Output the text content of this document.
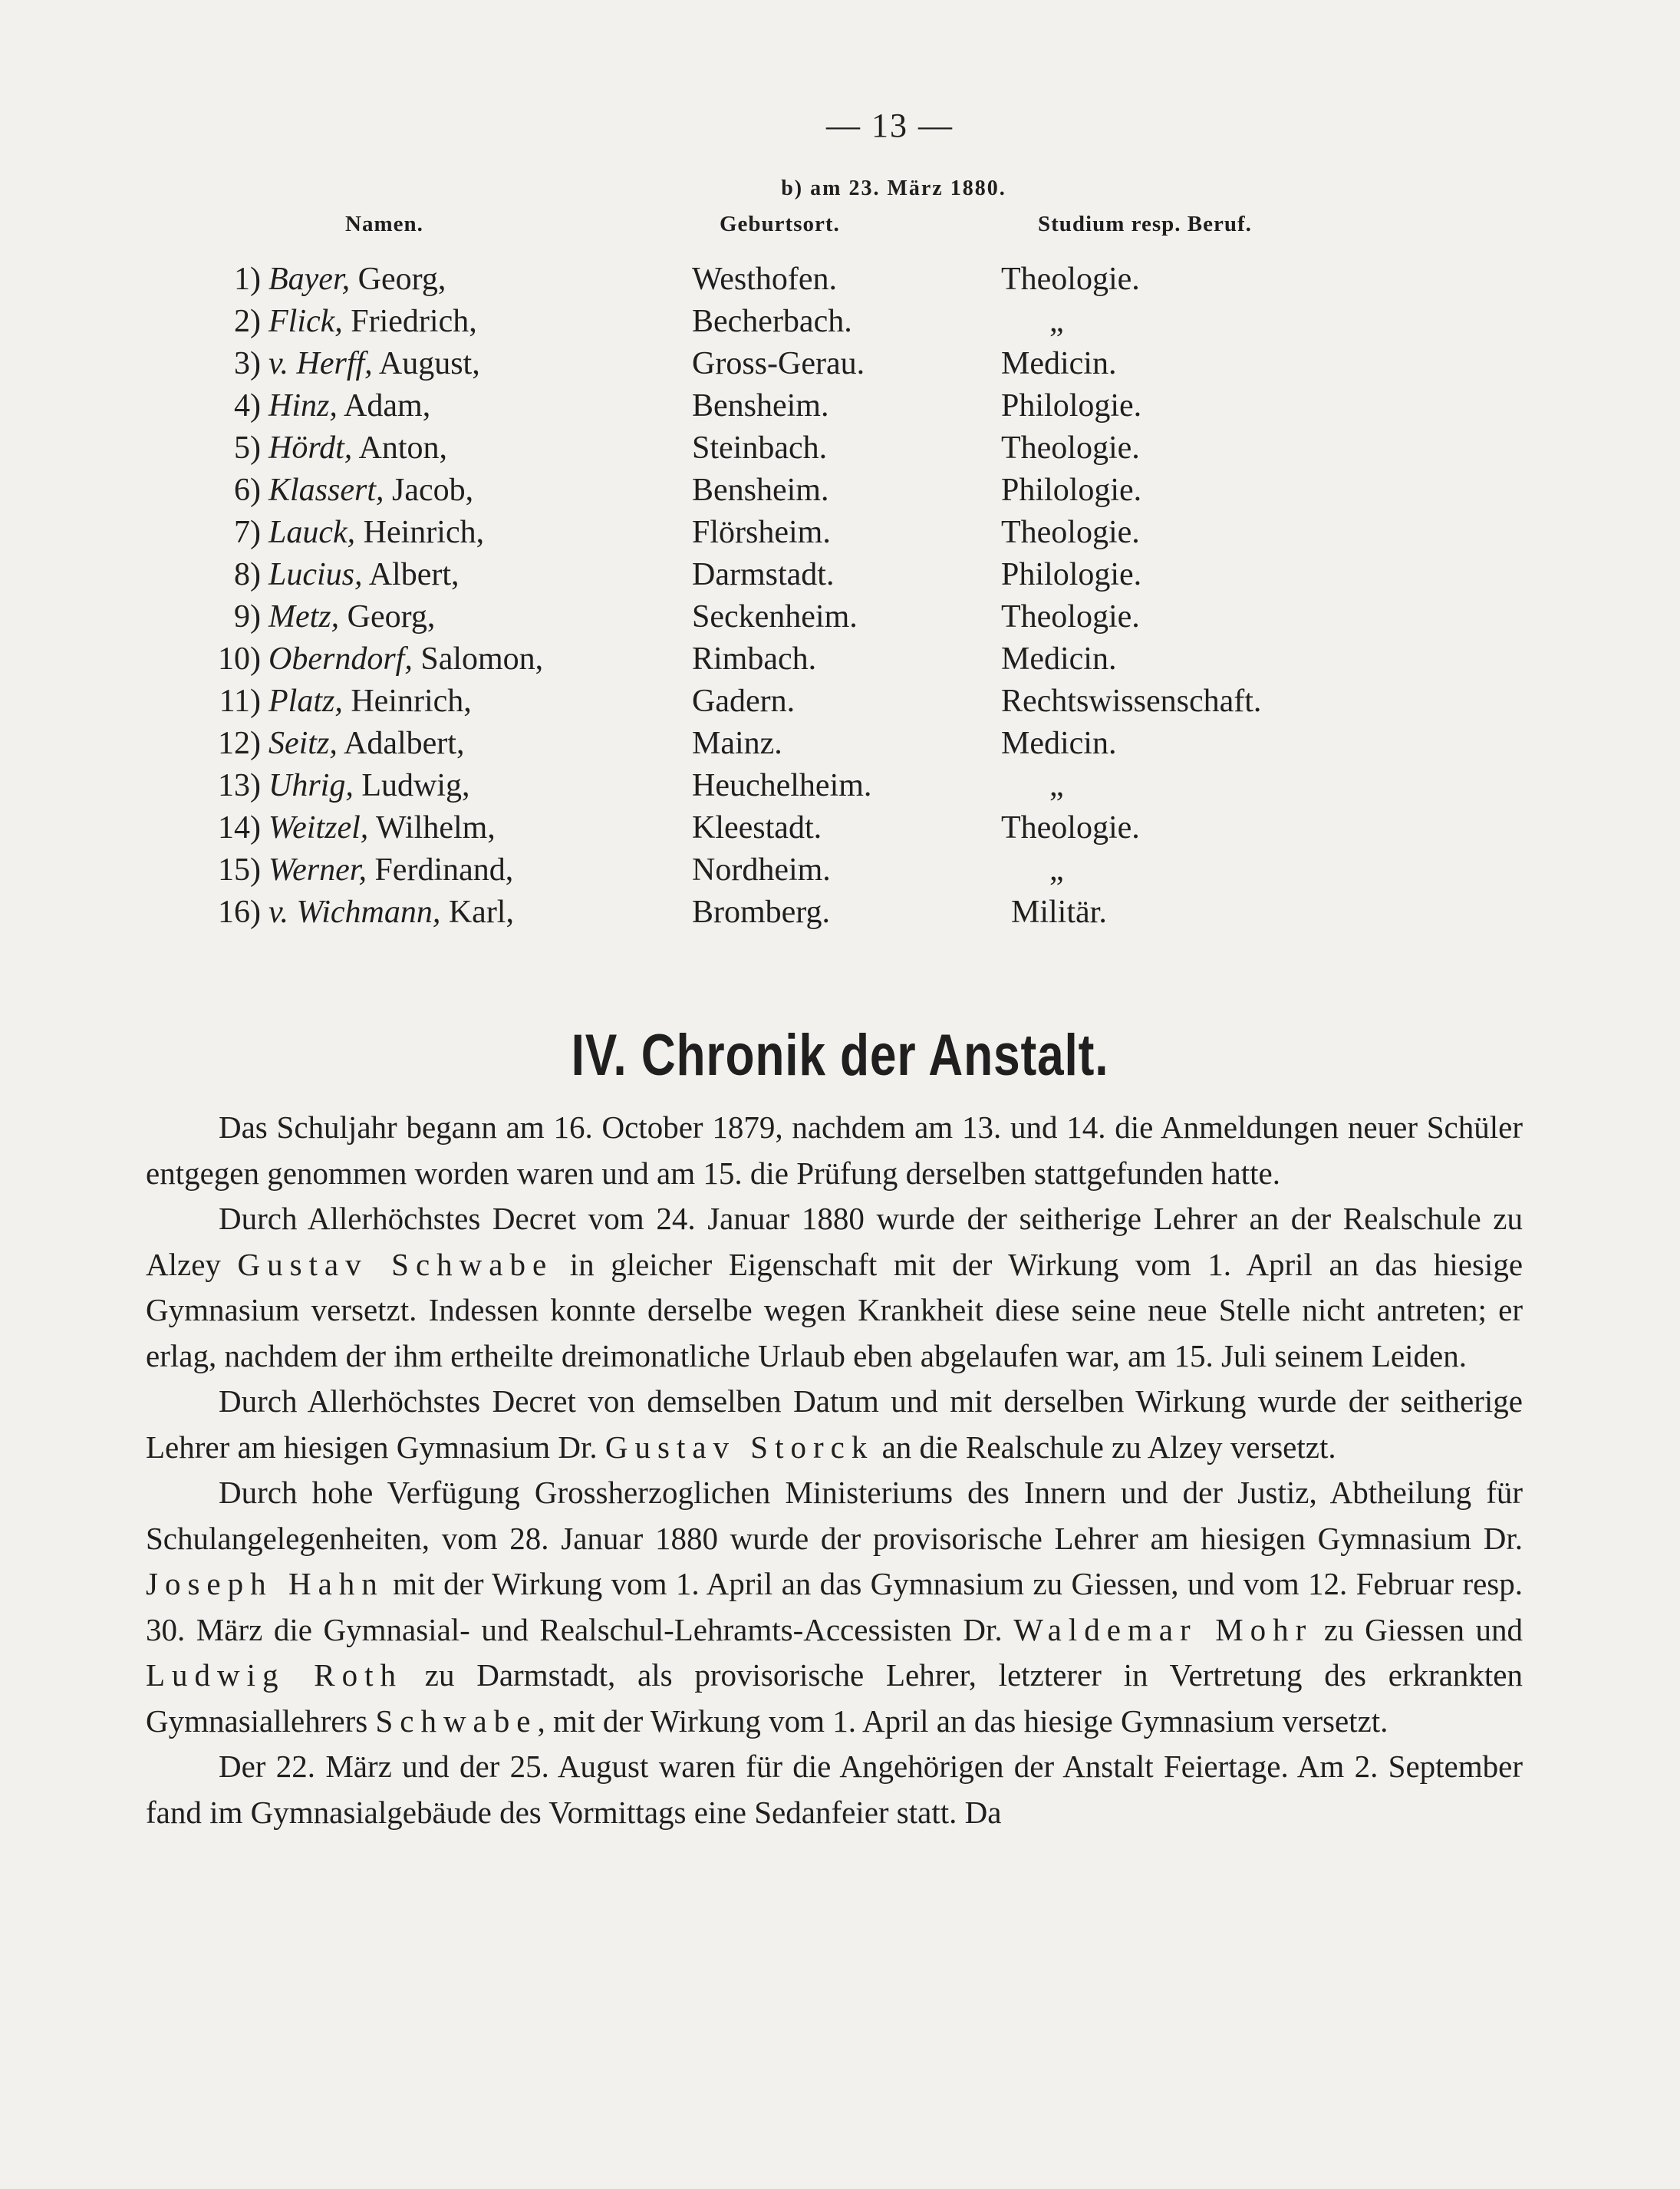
— 13 —
b) am 23. März 1880.
Namen.	Geburtsort.	Studium resp. Beruf.
1) Bayer, Georg,	Westhofen.	Theologie.
2) Flick, Friedrich,	Becherbach.	„
3) v. Herff, August,	Gross-Gerau.	Medicin.
4) Hinz, Adam,	Bensheim.	Philologie.
5) Hördt, Anton,	Steinbach.	Theologie.
6) Klassert, Jacob,	Bensheim.	Philologie.
7) Lauck, Heinrich,	Flörsheim.	Theologie.
8) Lucius, Albert,	Darmstadt.	Philologie.
9) Metz, Georg,	Seckenheim.	Theologie.
10) Oberndorf, Salomon,	Rimbach.	Medicin.
11) Platz, Heinrich,	Gadern.	Rechtswissenschaft.
12) Seitz, Adalbert,	Mainz.	Medicin.
13) Uhrig, Ludwig,	Heuchelheim.	„
14) Weitzel, Wilhelm,	Kleestadt.	Theologie.
15) Werner, Ferdinand,	Nordheim.	„
16) v. Wichmann, Karl,	Bromberg.	Militär.
IV. Chronik der Anstalt.

Das Schuljahr begann am 16. October 1879, nachdem am 13. und 14. die Anmeldungen neuer Schüler entgegen genommen worden waren und am 15. die Prüfung derselben stattgefunden hatte.

Durch Allerhöchstes Decret vom 24. Januar 1880 wurde der seitherige Lehrer an der Realschule zu Alzey Gustav Schwabe in gleicher Eigenschaft mit der Wirkung vom 1. April an das hiesige Gymnasium versetzt. Indessen konnte derselbe wegen Krankheit diese seine neue Stelle nicht antreten; er erlag, nachdem der ihm ertheilte dreimonatliche Urlaub eben abgelaufen war, am 15. Juli seinem Leiden.

Durch Allerhöchstes Decret von demselben Datum und mit derselben Wirkung wurde der seitherige Lehrer am hiesigen Gymnasium Dr. Gustav Storck an die Realschule zu Alzey versetzt.

Durch hohe Verfügung Grossherzoglichen Ministeriums des Innern und der Justiz, Abtheilung für Schulangelegenheiten, vom 28. Januar 1880 wurde der provisorische Lehrer am hiesigen Gymnasium Dr. Joseph Hahn mit der Wirkung vom 1. April an das Gymnasium zu Giessen, und vom 12. Februar resp. 30. März die Gymnasial- und Realschul-Lehramts-Accessisten Dr. Waldemar Mohr zu Giessen und Ludwig Roth zu Darmstadt, als provisorische Lehrer, letzterer in Vertretung des erkrankten Gymnasiallehrers Schwabe, mit der Wirkung vom 1. April an das hiesige Gymnasium versetzt.

Der 22. März und der 25. August waren für die Angehörigen der Anstalt Feiertage. Am 2. September fand im Gymnasialgebäude des Vormittags eine Sedanfeier statt. Da
